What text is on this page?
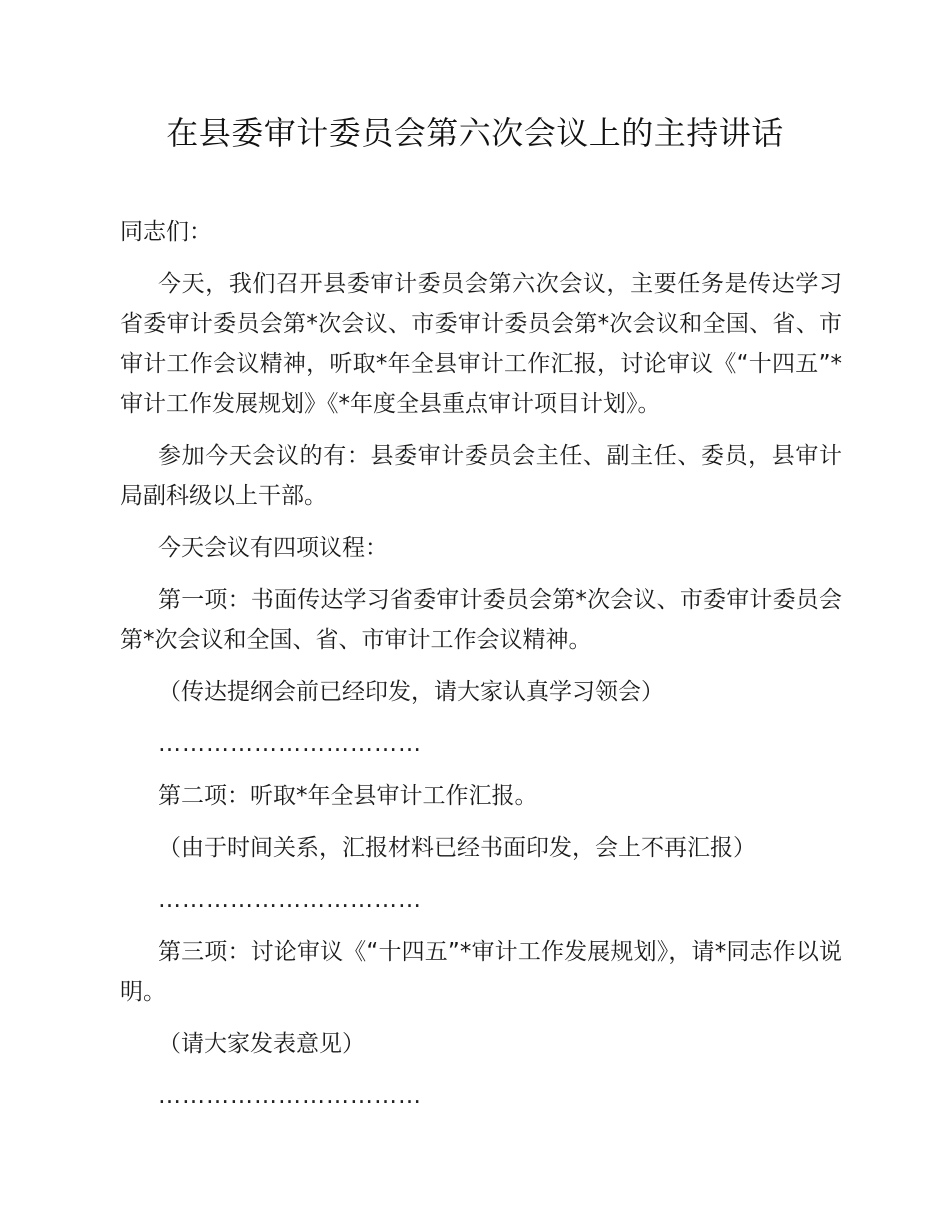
在县委审计委员会第六次会议上的主持讲话

同志们：

今天，我们召开县委审计委员会第六次会议，主要任务是传达学习省委审计委员会第*次会议、市委审计委员会第*次会议和全国、省、市审计工作会议精神，听取*年全县审计工作汇报，讨论审议《“十四五”*审计工作发展规划》《*年度全县重点审计项目计划》。

参加今天会议的有：县委审计委员会主任、副主任、委员，县审计局副科级以上干部。

今天会议有四项议程：

第一项：书面传达学习省委审计委员会第*次会议、市委审计委员会第*次会议和全国、省、市审计工作会议精神。

（传达提纲会前已经印发，请大家认真学习领会）

……………………………

第二项：听取*年全县审计工作汇报。

（由于时间关系，汇报材料已经书面印发，会上不再汇报）

……………………………

第三项：讨论审议《“十四五”*审计工作发展规划》，请*同志作以说明。

（请大家发表意见）

……………………………
